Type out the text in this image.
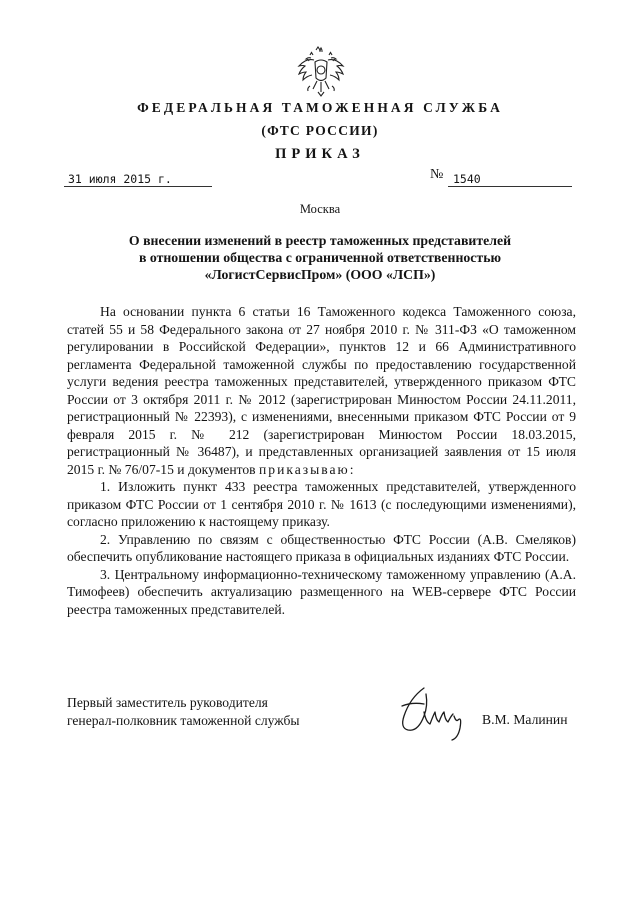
ФЕДЕРАЛЬНАЯ ТАМОЖЕННАЯ СЛУЖБА
(ФТС РОССИИ)
ПРИКАЗ
31 июля 2015 г.	№ 1540
Москва
О внесении изменений в реестр таможенных представителей
в отношении общества с ограниченной ответственностью
«ЛогистСервисПром» (ООО «ЛСП»)

На основании пункта 6 статьи 16 Таможенного кодекса Таможенного союза, статей 55 и 58 Федерального закона от 27 ноября 2010 г. № 311-ФЗ «О таможенном регулировании в Российской Федерации», пунктов 12 и 66 Административного регламента Федеральной таможенной службы по предоставлению государственной услуги ведения реестра таможенных представителей, утвержденного приказом ФТС России от 3 октября 2011 г. № 2012 (зарегистрирован Минюстом России 24.11.2011, регистрационный № 22393), с изменениями, внесенными приказом ФТС России от 9 февраля 2015 г. № 212 (зарегистрирован Минюстом России 18.03.2015, регистрационный № 36487), и представленных организацией заявления от 15 июля 2015 г. № 76/07-15 и документов приказываю:

1. Изложить пункт 433 реестра таможенных представителей, утвержденного приказом ФТС России от 1 сентября 2010 г. № 1613 (с последующими изменениями), согласно приложению к настоящему приказу.

2. Управлению по связям с общественностью ФТС России (А.В. Смеляков) обеспечить опубликование настоящего приказа в официальных изданиях ФТС России.

3. Центральному информационно-техническому таможенному управлению (А.А. Тимофеев) обеспечить актуализацию размещенного на WEB-сервере ФТС России реестра таможенных представителей.

Первый заместитель руководителя
генерал-полковник таможенной службы	В.М. Малинин
